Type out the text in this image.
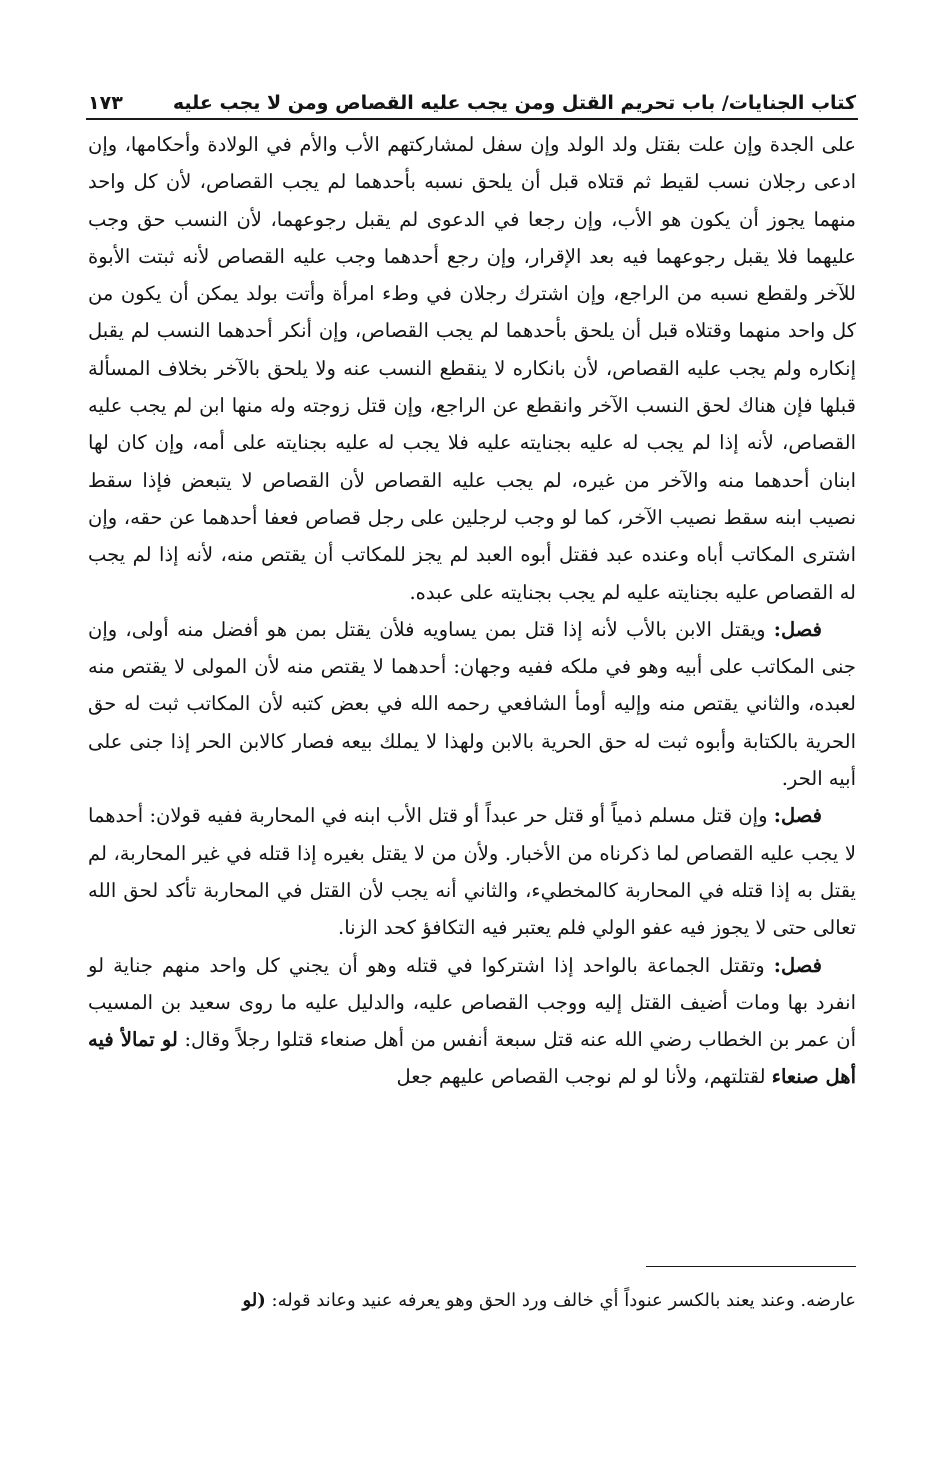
كتاب الجنايات/ باب تحريم القتل ومن يجب عليه القصاص ومن لا يجب عليه
١٧٣

على الجدة وإن علت بقتل ولد الولد وإن سفل لمشاركتهم الأب والأم في الولادة وأحكامها، وإن ادعى رجلان نسب لقيط ثم قتلاه قبل أن يلحق نسبه بأحدهما لم يجب القصاص، لأن كل واحد منهما يجوز أن يكون هو الأب، وإن رجعا في الدعوى لم يقبل رجوعهما، لأن النسب حق وجب عليهما فلا يقبل رجوعهما فيه بعد الإقرار، وإن رجع أحدهما وجب عليه القصاص لأنه ثبتت الأبوة للآخر ولقطع نسبه من الراجع، وإن اشترك رجلان في وطء امرأة وأتت بولد يمكن أن يكون من كل واحد منهما وقتلاه قبل أن يلحق بأحدهما لم يجب القصاص، وإن أنكر أحدهما النسب لم يقبل إنكاره ولم يجب عليه القصاص، لأن بانكاره لا ينقطع النسب عنه ولا يلحق بالآخر بخلاف المسألة قبلها فإن هناك لحق النسب الآخر وانقطع عن الراجع، وإن قتل زوجته وله منها ابن لم يجب عليه القصاص، لأنه إذا لم يجب له عليه بجنايته عليه فلا يجب له عليه بجنايته على أمه، وإن كان لها ابنان أحدهما منه والآخر من غيره، لم يجب عليه القصاص لأن القصاص لا يتبعض فإذا سقط نصيب ابنه سقط نصيب الآخر، كما لو وجب لرجلين على رجل قصاص فعفا أحدهما عن حقه، وإن اشترى المكاتب أباه وعنده عبد فقتل أبوه العبد لم يجز للمكاتب أن يقتص منه، لأنه إذا لم يجب له القصاص عليه بجنايته عليه لم يجب بجنايته على عبده.

فصل: ويقتل الابن بالأب لأنه إذا قتل بمن يساويه فلأن يقتل بمن هو أفضل منه أولى، وإن جنى المكاتب على أبيه وهو في ملكه ففيه وجهان: أحدهما لا يقتص منه لأن المولى لا يقتص منه لعبده، والثاني يقتص منه وإليه أومأ الشافعي رحمه الله في بعض كتبه لأن المكاتب ثبت له حق الحرية بالكتابة وأبوه ثبت له حق الحرية بالابن ولهذا لا يملك بيعه فصار كالابن الحر إذا جنى على أبيه الحر.

فصل: وإن قتل مسلم ذمياً أو قتل حر عبداً أو قتل الأب ابنه في المحاربة ففيه قولان: أحدهما لا يجب عليه القصاص لما ذكرناه من الأخبار. ولأن من لا يقتل بغيره إذا قتله في غير المحاربة، لم يقتل به إذا قتله في المحاربة كالمخطيء، والثاني أنه يجب لأن القتل في المحاربة تأكد لحق الله تعالى حتى لا يجوز فيه عفو الولي فلم يعتبر فيه التكافؤ كحد الزنا.

فصل: وتقتل الجماعة بالواحد إذا اشتركوا في قتله وهو أن يجني كل واحد منهم جناية لو انفرد بها ومات أضيف القتل إليه ووجب القصاص عليه، والدليل عليه ما روى سعيد بن المسيب أن عمر بن الخطاب رضي الله عنه قتل سبعة أنفس من أهل صنعاء قتلوا رجلاً وقال: لو تمالأ فيه أهل صنعاء لقتلتهم، ولأنا لو لم نوجب القصاص عليهم جعل

عارضه. وعند يعند بالكسر عنوداً أي خالف ورد الحق وهو يعرفه عنيد وعاند قوله: (لو
